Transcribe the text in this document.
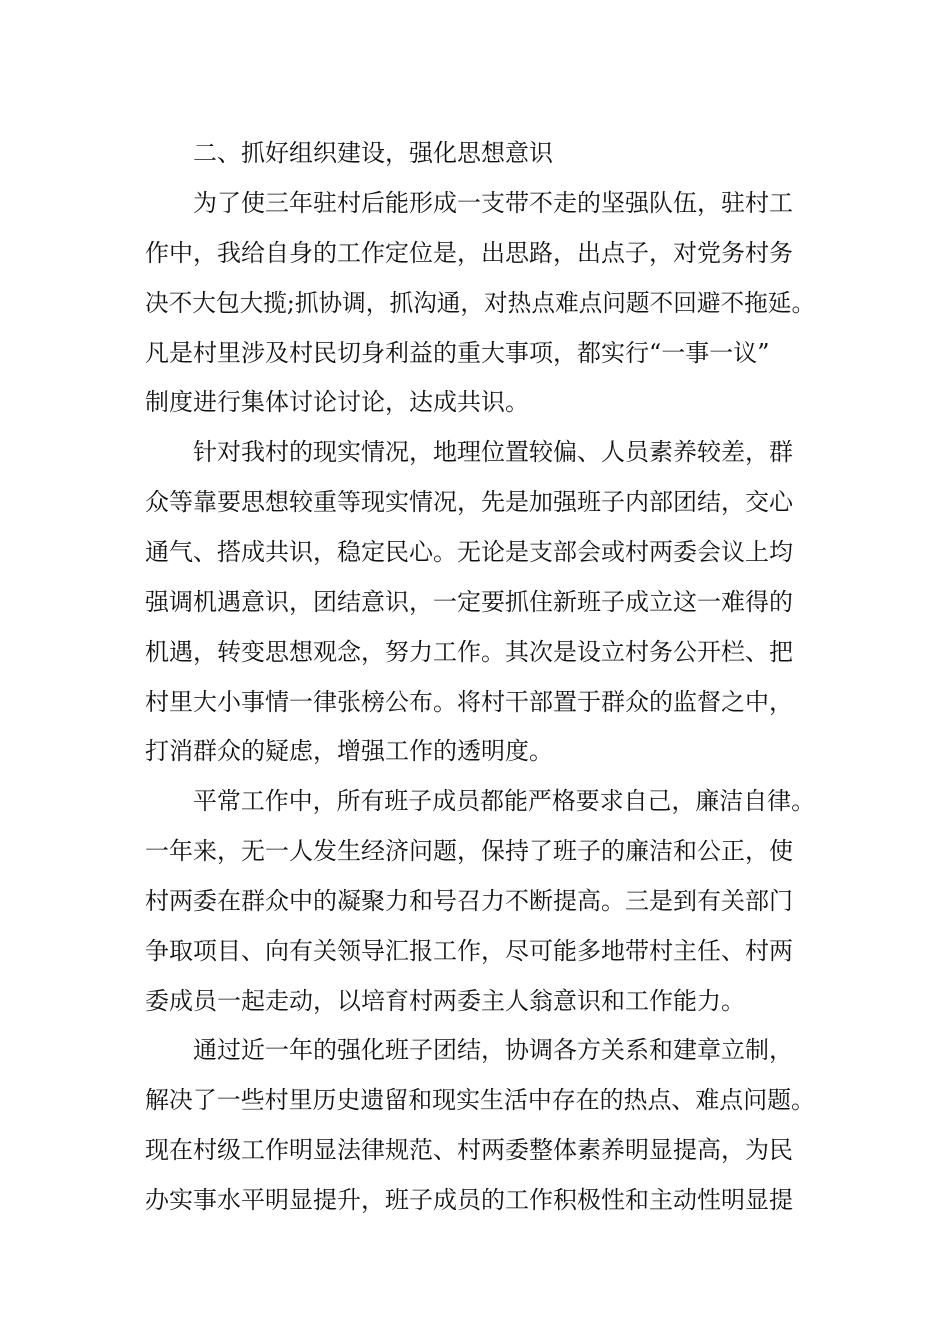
二、抓好组织建设，强化思想意识
为了使三年驻村后能形成一支带不走的坚强队伍，驻村工
作中，我给自身的工作定位是，出思路，出点子，对党务村务
决不大包大揽;抓协调，抓沟通，对热点难点问题不回避不拖延。
凡是村里涉及村民切身利益的重大事项，都实行“一事一议”
制度进行集体讨论讨论，达成共识。
针对我村的现实情况，地理位置较偏、人员素养较差，群
众等靠要思想较重等现实情况，先是加强班子内部团结，交心
通气、搭成共识，稳定民心。无论是支部会或村两委会议上均
强调机遇意识，团结意识，一定要抓住新班子成立这一难得的
机遇，转变思想观念，努力工作。其次是设立村务公开栏、把
村里大小事情一律张榜公布。将村干部置于群众的监督之中，
打消群众的疑虑，增强工作的透明度。
平常工作中，所有班子成员都能严格要求自己，廉洁自律。
一年来，无一人发生经济问题，保持了班子的廉洁和公正，使
村两委在群众中的凝聚力和号召力不断提高。三是到有关部门
争取项目、向有关领导汇报工作，尽可能多地带村主任、村两
委成员一起走动，以培育村两委主人翁意识和工作能力。
通过近一年的强化班子团结，协调各方关系和建章立制，
解决了一些村里历史遗留和现实生活中存在的热点、难点问题。
现在村级工作明显法律规范、村两委整体素养明显提高，为民
办实事水平明显提升，班子成员的工作积极性和主动性明显提
